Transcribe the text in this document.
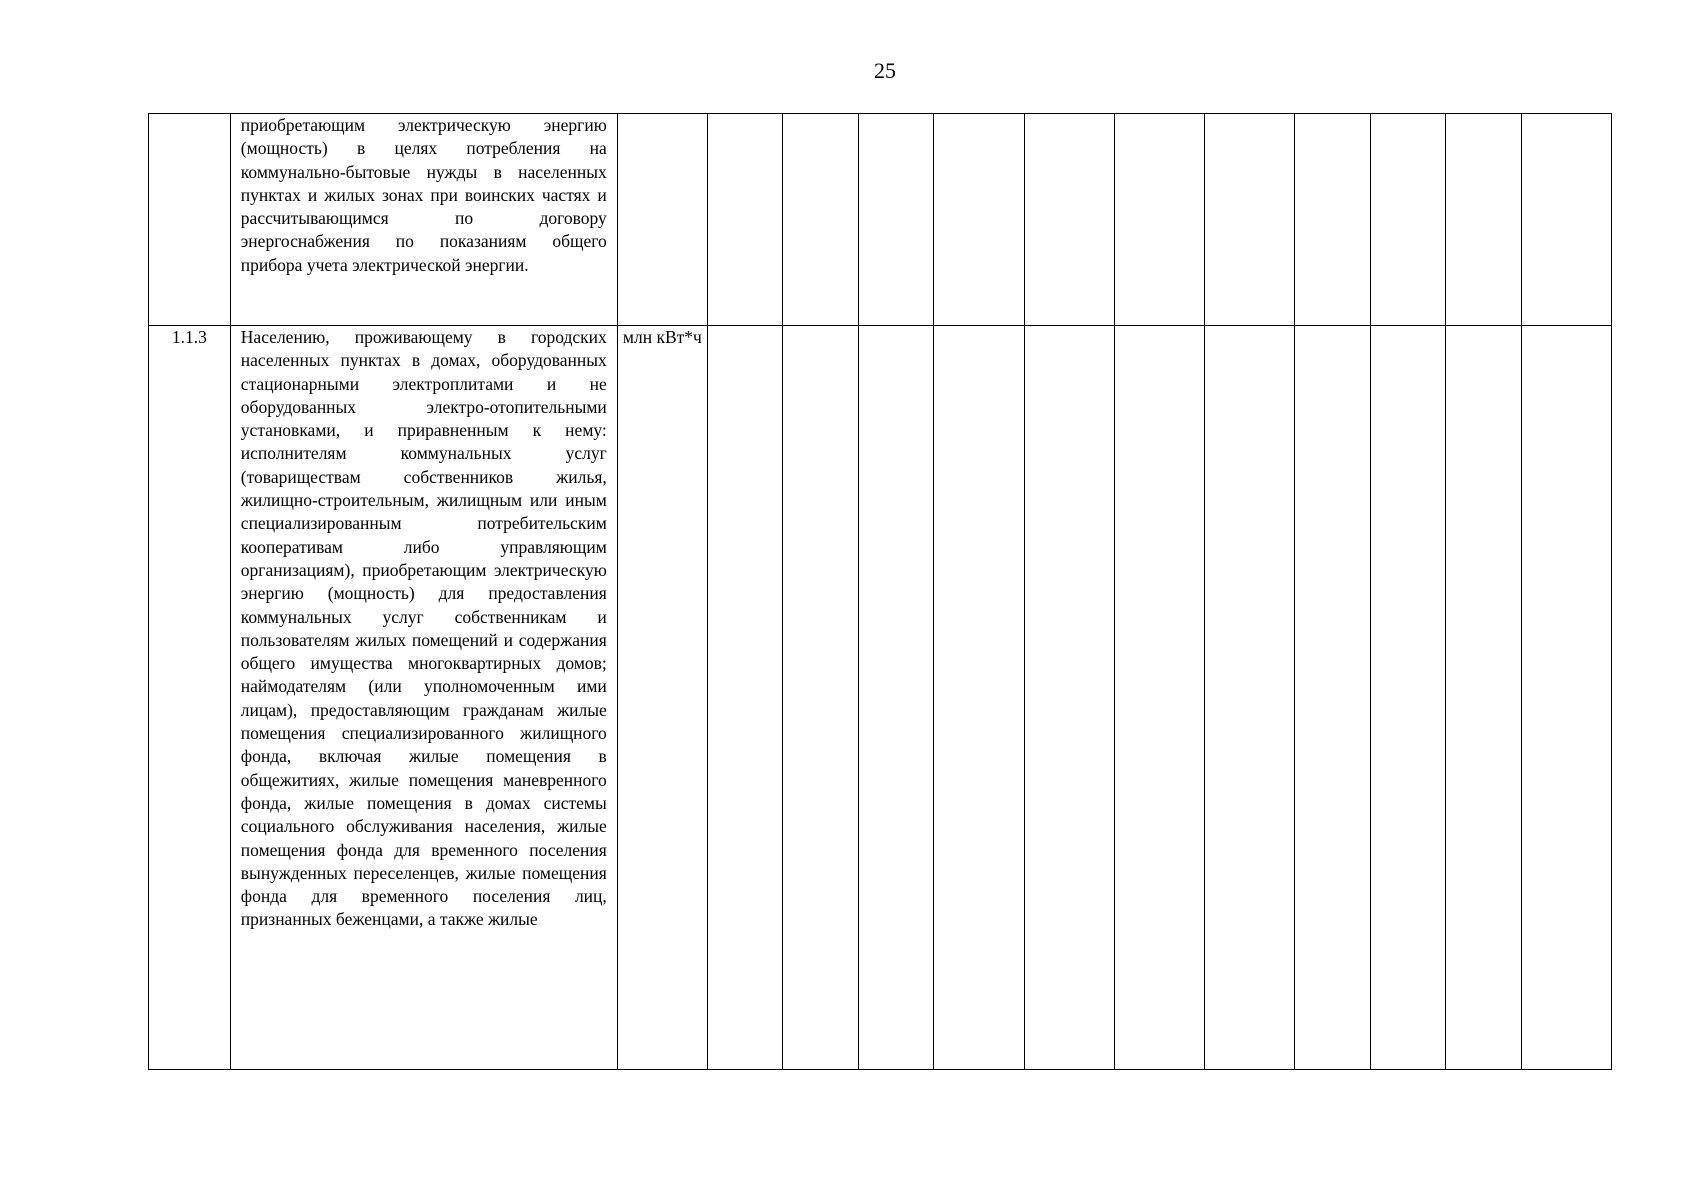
25

	приобретающим электрическую энергию (мощность) в целях потребления на коммунально-бытовые нужды в населенных пунктах и жилых зонах при воинских частях и рассчитывающимся по договору энергоснабжения по показаниям общего прибора учета электрической энергии.												

1.1.3	Населению, проживающему в городских населенных пунктах в домах, оборудованных стационарными электроплитами и не оборудованных электро-отопительными установками, и приравненным к нему: исполнителям коммунальных услуг (товариществам собственников жилья, жилищно-строительным, жилищным или иным специализированным потребительским кооперативам либо управляющим организациям), приобретающим электрическую энергию (мощность) для предоставления коммунальных услуг собственникам и пользователям жилых помещений и содержания общего имущества многоквартирных домов; наймодателям (или уполномоченным ими лицам), предоставляющим гражданам жилые помещения специализированного жилищного фонда, включая жилые помещения в общежитиях, жилые помещения маневренного фонда, жилые помещения в домах системы социального обслуживания населения, жилые помещения фонда для временного поселения вынужденных переселенцев, жилые помещения фонда для временного поселения лиц, признанных беженцами, а также жилые	млн кВт*ч											
